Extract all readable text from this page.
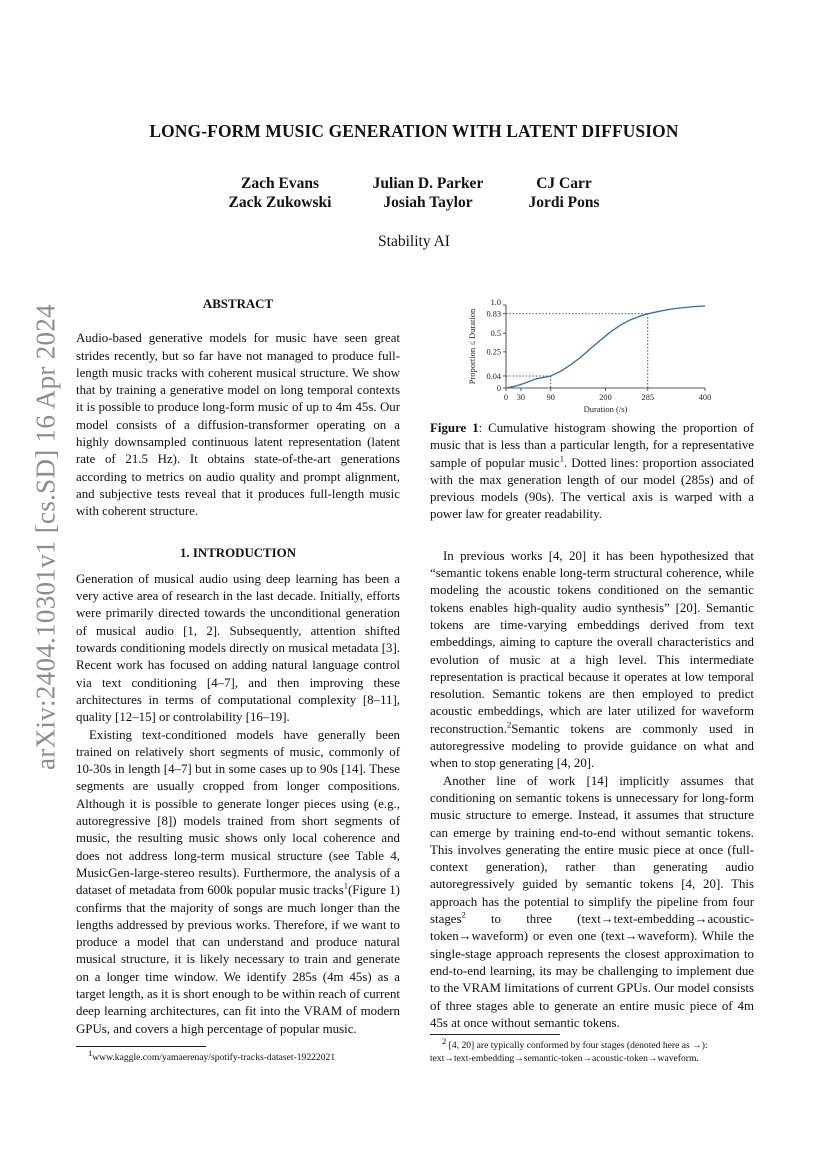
arXiv:2404.10301v1 [cs.SD] 16 Apr 2024
LONG-FORM MUSIC GENERATION WITH LATENT DIFFUSION
Zach Evans
Zack Zukowski
Julian D. Parker
Josiah Taylor
CJ Carr
Jordi Pons
Stability AI
ABSTRACT

Audio-based generative models for music have seen great strides recently, but so far have not managed to produce full-length music tracks with coherent musical structure. We show that by training a generative model on long temporal contexts it is possible to produce long-form music of up to 4m 45s. Our model consists of a diffusion-transformer operating on a highly downsampled continuous latent representation (latent rate of 21.5 Hz). It obtains state-of-the-art generations according to metrics on audio quality and prompt alignment, and subjective tests reveal that it produces full-length music with coherent structure.

1. INTRODUCTION

Generation of musical audio using deep learning has been a very active area of research in the last decade. Initially, efforts were primarily directed towards the unconditional generation of musical audio [1, 2]. Subsequently, attention shifted towards conditioning models directly on musical metadata [3]. Recent work has focused on adding natural language control via text conditioning [4–7], and then improving these architectures in terms of computational complexity [8–11], quality [12–15] or controlability [16–19].

Existing text-conditioned models have generally been trained on relatively short segments of music, commonly of 10-30s in length [4–7] but in some cases up to 90s [14]. These segments are usually cropped from longer compositions. Although it is possible to generate longer pieces using (e.g., autoregressive [8]) models trained from short segments of music, the resulting music shows only local coherence and does not address long-term musical structure (see Table 4, MusicGen-large-stereo results). Furthermore, the analysis of a dataset of metadata from 600k popular music tracks$^1$(Figure 1) confirms that the majority of songs are much longer than the lengths addressed by previous works. Therefore, if we want to produce a model that can understand and produce natural musical structure, it is likely necessary to train and generate on a longer time window. We identify 285s (4m 45s) as a target length, as it is short enough to be within reach of current deep learning architectures, can fit into the VRAM of modern GPUs, and covers a high percentage of popular music.

$^1$www.kaggle.com/yamaerenay/spotify-tracks-dataset-19222021
0 30	90	200	285	400
0
0.04
0.25
0.5
0.83
1.0
Duration (/s)
Proportion ≤ Duration

Figure 1: Cumulative histogram showing the proportion of music that is less than a particular length, for a representative sample of popular music$^1$. Dotted lines: proportion associated with the max generation length of our model (285s) and of previous models (90s). The vertical axis is warped with a power law for greater readability.

In previous works [4, 20] it has been hypothesized that “semantic tokens enable long-term structural coherence, while modeling the acoustic tokens conditioned on the semantic tokens enables high-quality audio synthesis” [20]. Semantic tokens are time-varying embeddings derived from text embeddings, aiming to capture the overall characteristics and evolution of music at a high level. This intermediate representation is practical because it operates at low temporal resolution. Semantic tokens are then employed to predict acoustic embeddings, which are later utilized for waveform reconstruction.$^2$Semantic tokens are commonly used in autoregressive modeling to provide guidance on what and when to stop generating [4, 20].

Another line of work [14] implicitly assumes that conditioning on semantic tokens is unnecessary for long-form music structure to emerge. Instead, it assumes that structure can emerge by training end-to-end without semantic tokens. This involves generating the entire music piece at once (full-context generation), rather than generating audio autoregressively guided by semantic tokens [4, 20]. This approach has the potential to simplify the pipeline from four stages$^2$ to three (text→text-embedding→acoustic-token→waveform) or even one (text→waveform). While the single-stage approach represents the closest approximation to end-to-end learning, its may be challenging to implement due to the VRAM limitations of current GPUs. Our model consists of three stages able to generate an entire music piece of 4m 45s at once without semantic tokens.

$^2$ [4, 20] are typically conformed by four stages (denoted here as →):
text→text-embedding→semantic-token→acoustic-token→waveform.
